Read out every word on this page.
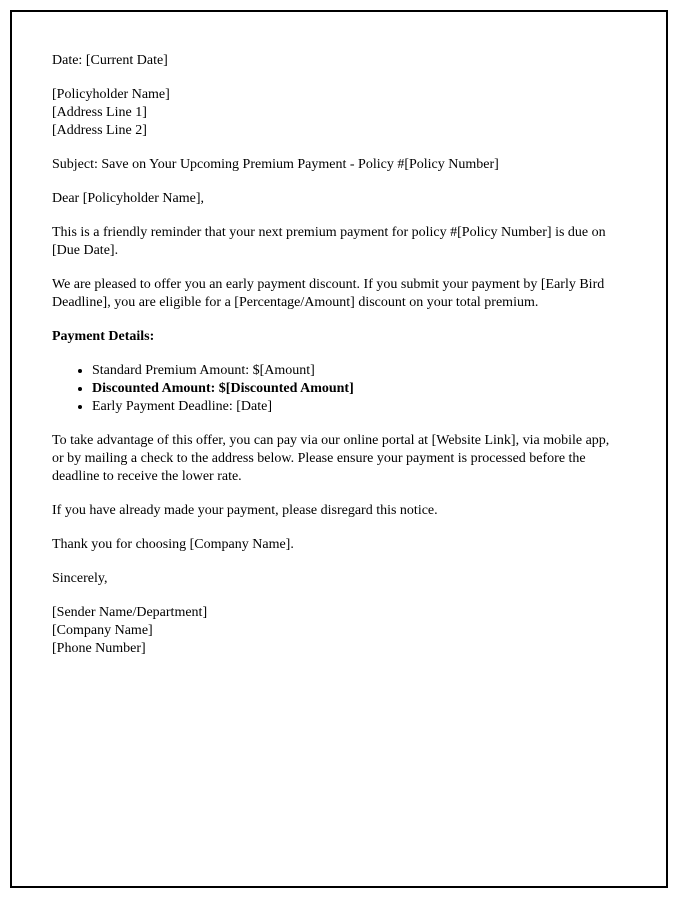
Date: [Current Date]

[Policyholder Name]
[Address Line 1]
[Address Line 2]

Subject: Save on Your Upcoming Premium Payment - Policy #[Policy Number]

Dear [Policyholder Name],

This is a friendly reminder that your next premium payment for policy #[Policy Number] is due on [Due Date].

We are pleased to offer you an early payment discount. If you submit your payment by [Early Bird Deadline], you are eligible for a [Percentage/Amount] discount on your total premium.

Payment Details:

• Standard Premium Amount: $[Amount]
• Discounted Amount: $[Discounted Amount]
• Early Payment Deadline: [Date]

To take advantage of this offer, you can pay via our online portal at [Website Link], via mobile app, or by mailing a check to the address below. Please ensure your payment is processed before the deadline to receive the lower rate.

If you have already made your payment, please disregard this notice.

Thank you for choosing [Company Name].

Sincerely,

[Sender Name/Department]
[Company Name]
[Phone Number]
